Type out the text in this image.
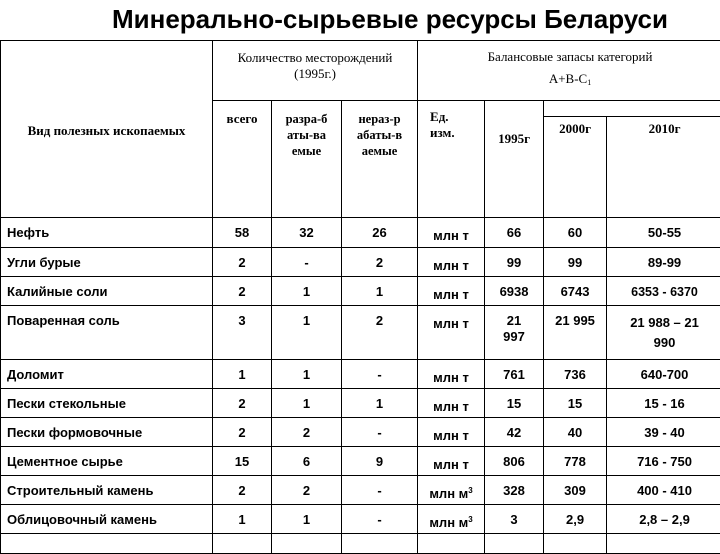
Минерально-сырьевые ресурсы Беларуси
Вид полезных ископаемых	Количество месторождений (1995г.)			Балансовые запасы категорий
$А+В-С_1$

	всего	разра-б аты-ва емые	нераз-р абаты-в аемые	Ед. изм.	1995г		
						2000г	2010г
Нефть	58	32	26	млн т	66	60	50-55
Угли бурые	2	-	2	млн т	99	99	89-99
Калийные соли	2	1	1	млн т	6938	6743	6353 - 6370
Поваренная соль	3	1	2	млн т	21 997	21 995	21 988 – 21 990
Доломит	1	1	-	млн т	761	736	640-700
Пески стекольные	2	1	1	млн т	15	15	15 - 16
Пески формовочные	2	2	-	млн т	42	40	39 - 40
Цементное сырье	15	6	9	млн т	806	778	716 - 750
Строительный камень	2	2	-	млн $м^3$	328	309	400 - 410
Облицовочный камень	1	1	-	млн $м^3$	3	2,9	2,8 – 2,9
